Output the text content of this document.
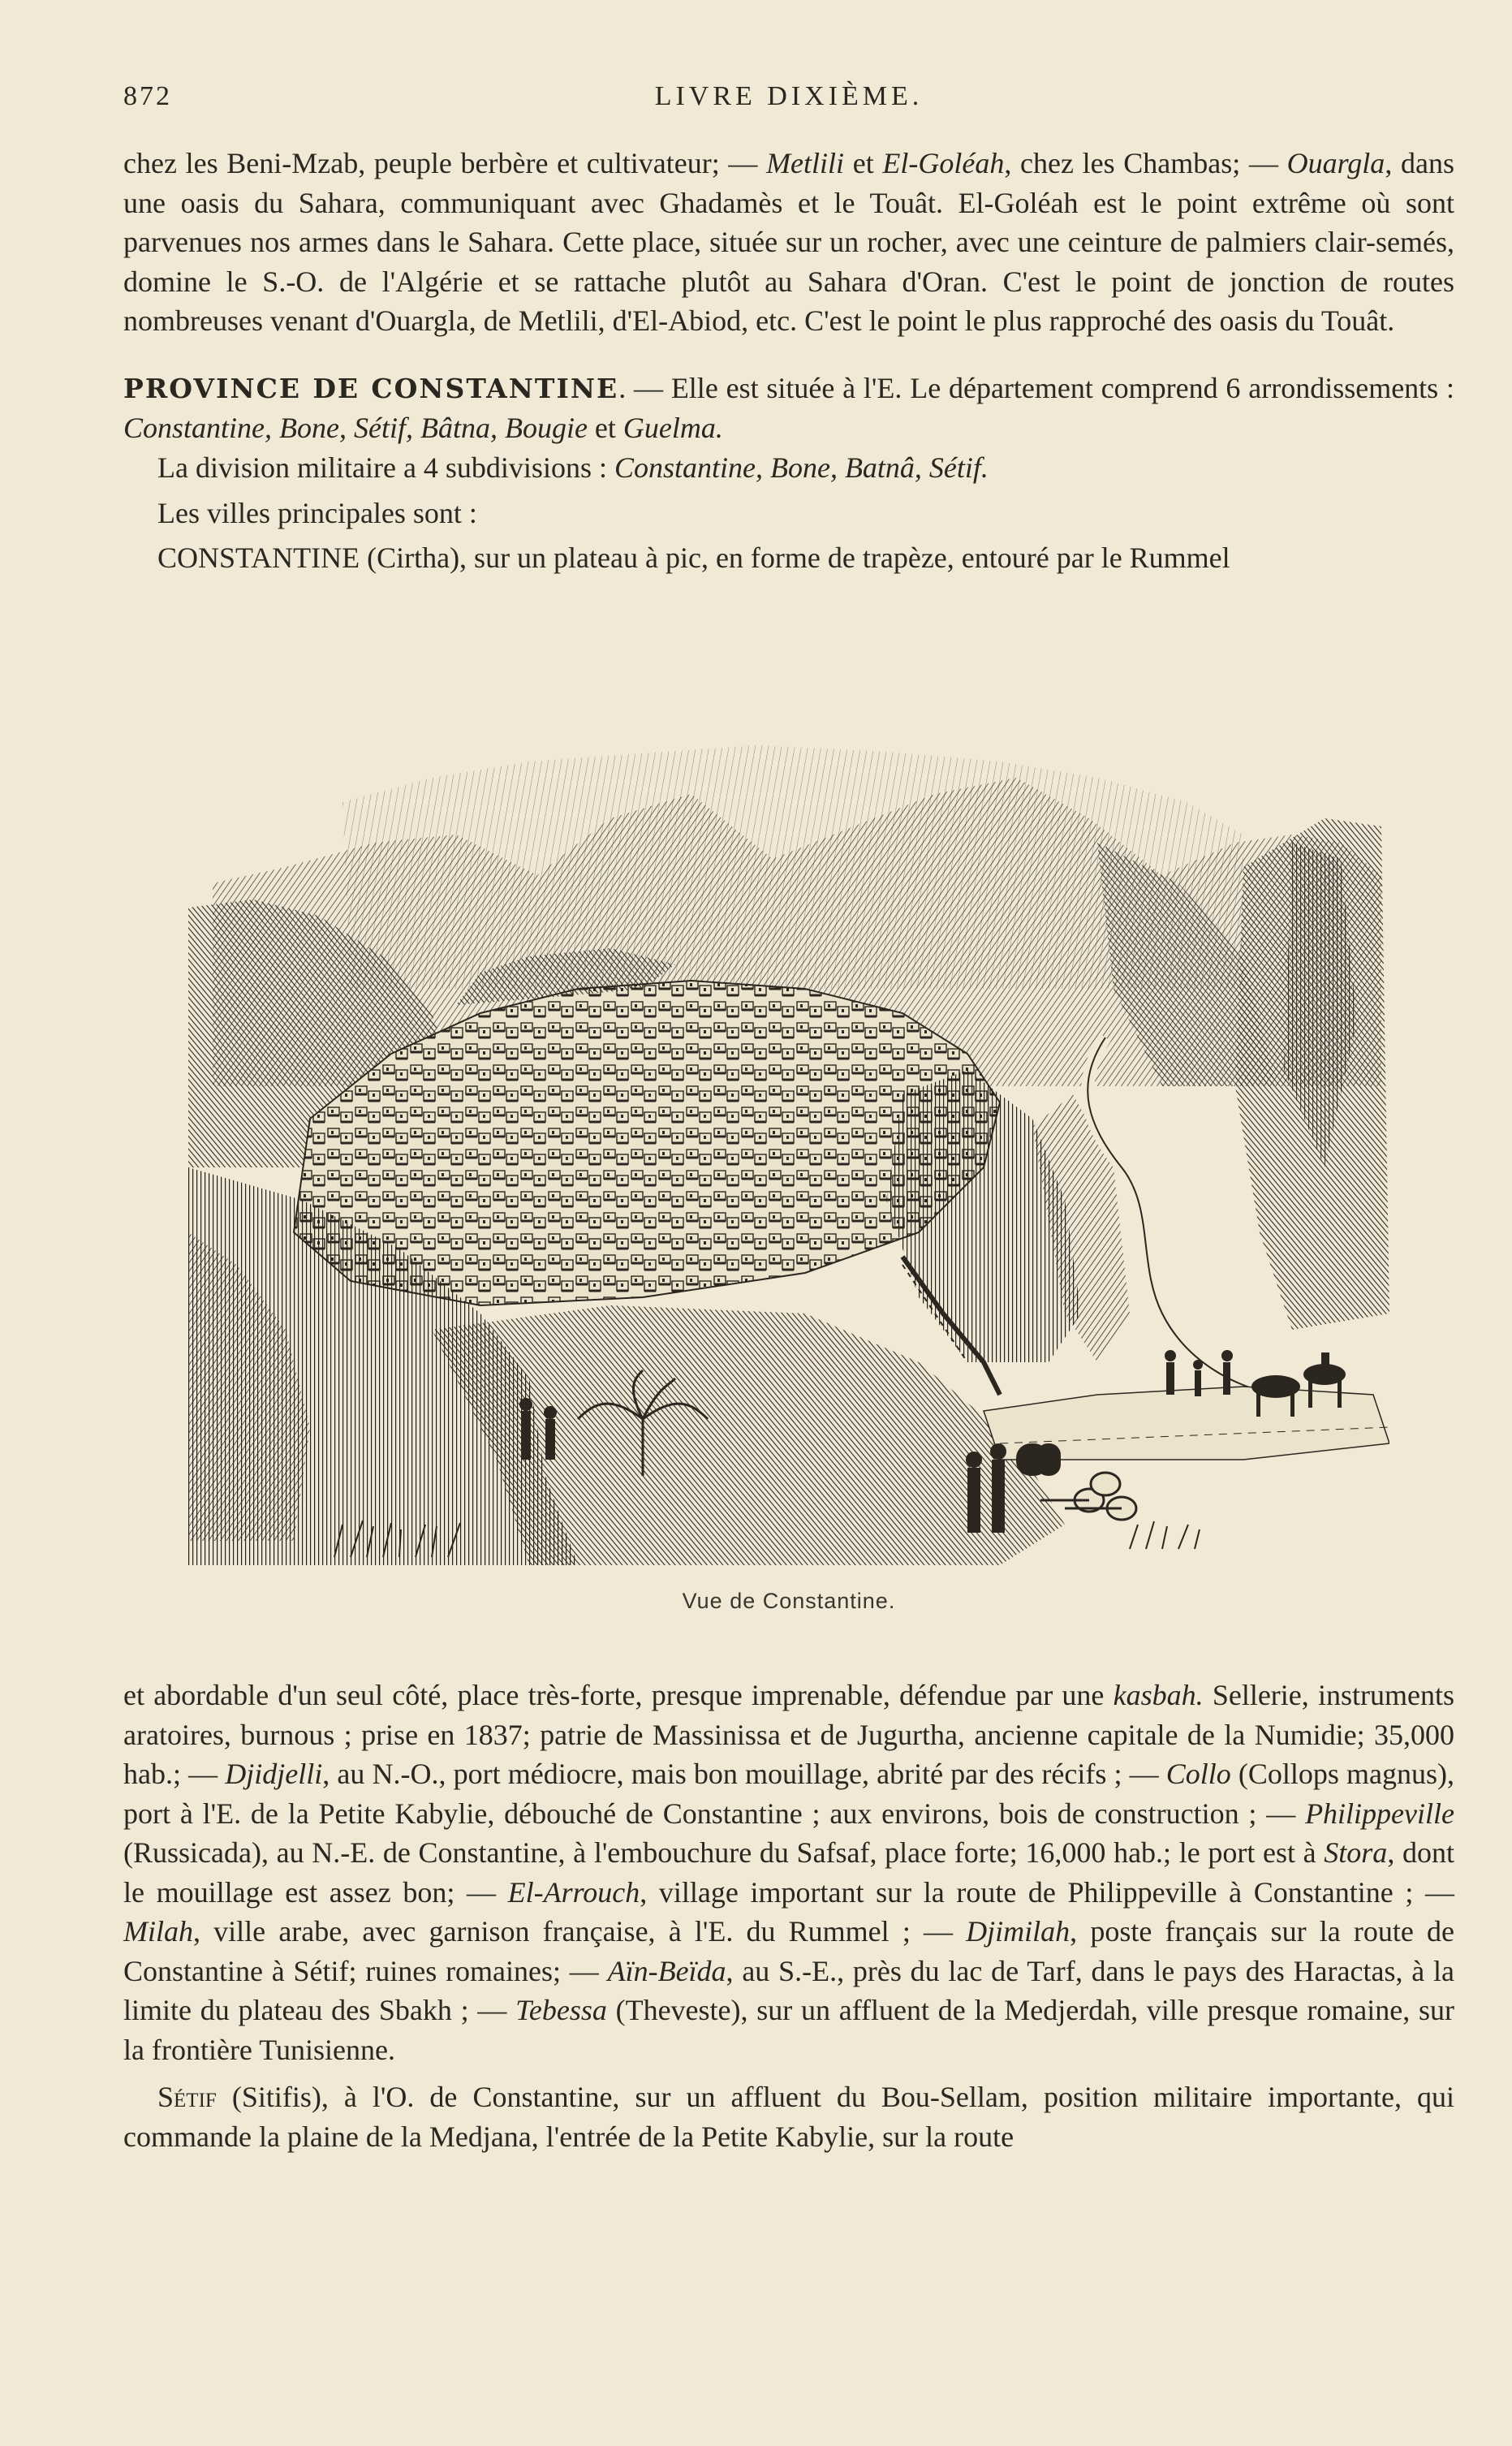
872	LIVRE DIXIÈME.

chez les Beni-Mzab, peuple berbère et cultivateur; — Metlili et El-Goléah, chez les Chambas; — Ouargla, dans une oasis du Sahara, communiquant avec Ghadamès et le Touât. El-Goléah est le point extrême où sont parvenues nos armes dans le Sahara. Cette place, située sur un rocher, avec une ceinture de palmiers clair-semés, domine le S.-O. de l'Algérie et se rattache plutôt au Sahara d'Oran. C'est le point de jonction de routes nombreuses venant d'Ouargla, de Metlili, d'El-Abiod, etc. C'est le point le plus rapproché des oasis du Touât.

PROVINCE DE CONSTANTINE. — Elle est située à l'E. Le département comprend 6 arrondissements : Constantine, Bone, Sétif, Bâtna, Bougie et Guelma.

La division militaire a 4 subdivisions : Constantine, Bone, Batnâ, Sétif.

Les villes principales sont :

CONSTANTINE (Cirtha), sur un plateau à pic, en forme de trapèze, entouré par le Rummel

Vue de Constantine.

et abordable d'un seul côté, place très-forte, presque imprenable, défendue par une kasbah. Sellerie, instruments aratoires, burnous ; prise en 1837; patrie de Massinissa et de Jugurtha, ancienne capitale de la Numidie; 35,000 hab.; — Djidjelli, au N.-O., port médiocre, mais bon mouillage, abrité par des récifs ; — Collo (Collops magnus), port à l'E. de la Petite Kabylie, débouché de Constantine ; aux environs, bois de construction ; — Philippeville (Russicada), au N.-E. de Constantine, à l'embouchure du Safsaf, place forte; 16,000 hab.; le port est à Stora, dont le mouillage est assez bon; — El-Arrouch, village important sur la route de Philippeville à Constantine ; — Milah, ville arabe, avec garnison française, à l'E. du Rummel ; — Djimilah, poste français sur la route de Constantine à Sétif; ruines romaines; — Aïn-Beïda, au S.-E., près du lac de Tarf, dans le pays des Haractas, à la limite du plateau des Sbakh ; — Tebessa (Theveste), sur un affluent de la Medjerdah, ville presque romaine, sur la frontière Tunisienne.

Sétif (Sitifis), à l'O. de Constantine, sur un affluent du Bou-Sellam, position militaire importante, qui commande la plaine de la Medjana, l'entrée de la Petite Kabylie, sur la route
